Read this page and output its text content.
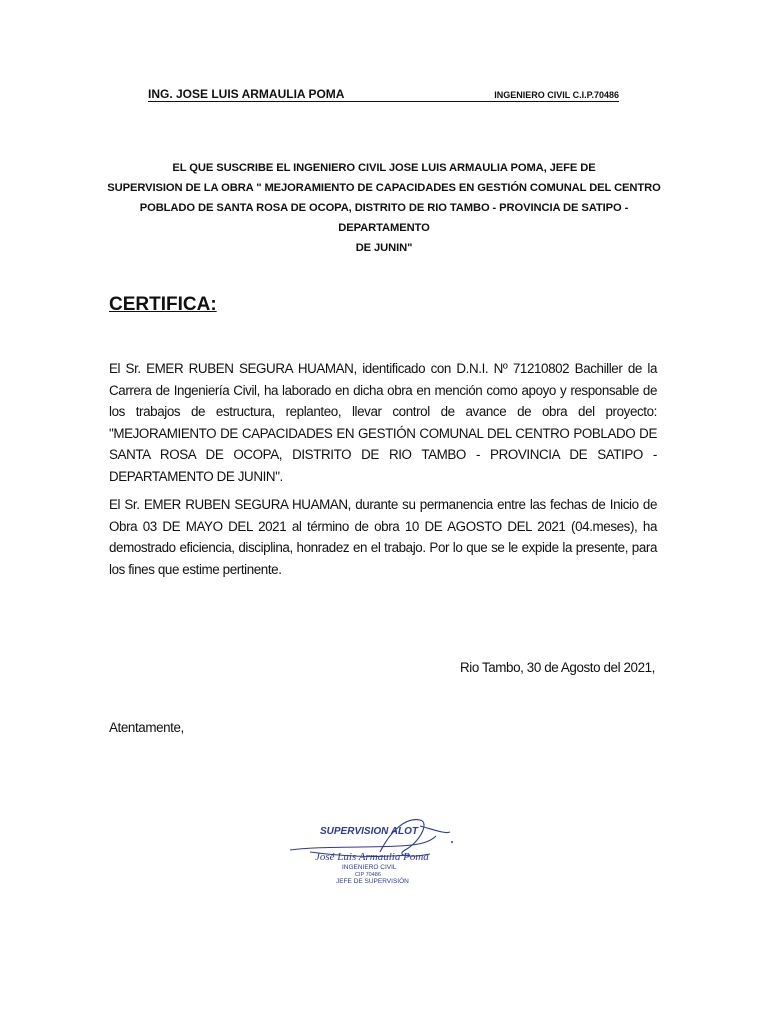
ING. JOSE LUIS ARMAULIA POMA	INGENIERO CIVIL C.I.P.70486
EL QUE SUSCRIBE EL INGENIERO CIVIL JOSE LUIS ARMAULIA POMA, JEFE DE
SUPERVISION DE LA OBRA " MEJORAMIENTO DE CAPACIDADES EN GESTIÓN COMUNAL DEL CENTRO
POBLADO DE SANTA ROSA DE OCOPA, DISTRITO DE RIO TAMBO - PROVINCIA DE SATIPO - DEPARTAMENTO
DE JUNIN"
CERTIFICA:
El Sr. EMER RUBEN SEGURA HUAMAN, identificado con D.N.I. Nº 71210802 Bachiller de la Carrera de Ingeniería Civil, ha laborado en dicha obra en mención como apoyo y responsable de los trabajos de estructura, replanteo, llevar control de avance de obra del proyecto: "MEJORAMIENTO DE CAPACIDADES EN GESTIÓN COMUNAL DEL CENTRO POBLADO DE SANTA ROSA DE OCOPA, DISTRITO DE RIO TAMBO - PROVINCIA DE SATIPO - DEPARTAMENTO DE JUNIN".
El Sr. EMER RUBEN SEGURA HUAMAN, durante su permanencia entre las fechas de Inicio de Obra 03 DE MAYO DEL 2021 al término de obra 10 DE AGOSTO DEL 2021 (04.meses), ha demostrado eficiencia, disciplina, honradez en el trabajo. Por lo que se le expide la presente, para los fines que estime pertinente.
Rio Tambo, 30 de Agosto del 2021,
Atentamente,
SUPERVISION ALOT
José Luis Armaulia Poma
INGENIERO CIVIL
CIP 70486
JEFE DE SUPERVISIÓN
